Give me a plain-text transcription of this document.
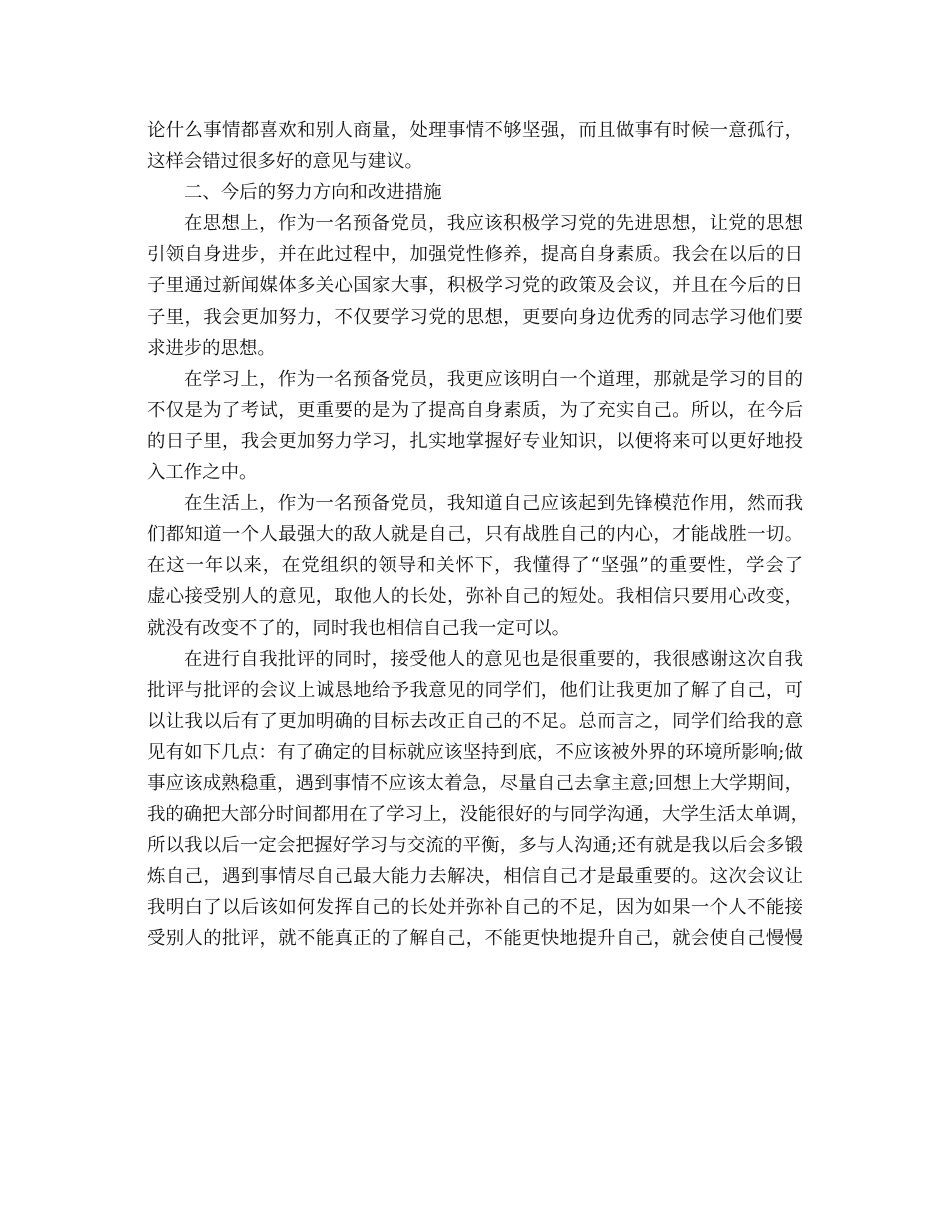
论什么事情都喜欢和别人商量，处理事情不够坚强，而且做事有时候一意孤行，
这样会错过很多好的意见与建议。
二、今后的努力方向和改进措施
在思想上，作为一名预备党员，我应该积极学习党的先进思想，让党的思想
引领自身进步，并在此过程中，加强党性修养，提高自身素质。我会在以后的日
子里通过新闻媒体多关心国家大事，积极学习党的政策及会议，并且在今后的日
子里，我会更加努力，不仅要学习党的思想，更要向身边优秀的同志学习他们要
求进步的思想。
在学习上，作为一名预备党员，我更应该明白一个道理，那就是学习的目的
不仅是为了考试，更重要的是为了提高自身素质，为了充实自己。所以，在今后
的日子里，我会更加努力学习，扎实地掌握好专业知识，以便将来可以更好地投
入工作之中。
在生活上，作为一名预备党员，我知道自己应该起到先锋模范作用，然而我
们都知道一个人最强大的敌人就是自己，只有战胜自己的内心，才能战胜一切。
在这一年以来，在党组织的领导和关怀下，我懂得了“坚强”的重要性，学会了
虚心接受别人的意见，取他人的长处，弥补自己的短处。我相信只要用心改变，
就没有改变不了的，同时我也相信自己我一定可以。
在进行自我批评的同时，接受他人的意见也是很重要的，我很感谢这次自我
批评与批评的会议上诚恳地给予我意见的同学们，他们让我更加了解了自己，可
以让我以后有了更加明确的目标去改正自己的不足。总而言之，同学们给我的意
见有如下几点：有了确定的目标就应该坚持到底，不应该被外界的环境所影响;做
事应该成熟稳重，遇到事情不应该太着急，尽量自己去拿主意;回想上大学期间，
我的确把大部分时间都用在了学习上，没能很好的与同学沟通，大学生活太单调，
所以我以后一定会把握好学习与交流的平衡，多与人沟通;还有就是我以后会多锻
炼自己，遇到事情尽自己最大能力去解决，相信自己才是最重要的。这次会议让
我明白了以后该如何发挥自己的长处并弥补自己的不足，因为如果一个人不能接
受别人的批评，就不能真正的了解自己，不能更快地提升自己，就会使自己慢慢
